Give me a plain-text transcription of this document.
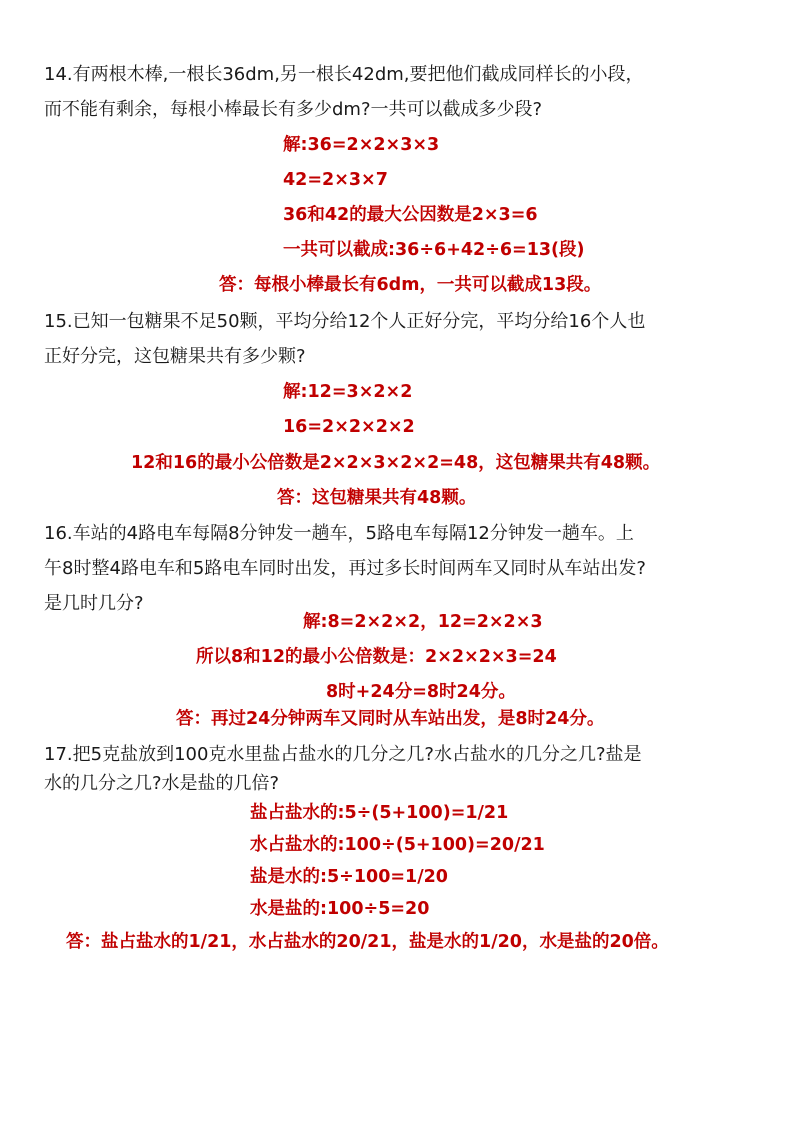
14.有两根木棒,一根长36dm,另一根长42dm,要把他们截成同样长的小段，
而不能有剩余，每根小棒最长有多少dm?一共可以截成多少段?
解:36=2×2×3×3
42=2×3×7
36和42的最大公因数是2×3=6
一共可以截成:36÷6+42÷6=13(段)
答：每根小棒最长有6dm，一共可以截成13段。
15.已知一包糖果不足50颗，平均分给12个人正好分完，平均分给16个人也
正好分完，这包糖果共有多少颗?
解:12=3×2×2
16=2×2×2×2
12和16的最小公倍数是2×2×3×2×2=48，这包糖果共有48颗。
答：这包糖果共有48颗。
16.车站的4路电车每隔8分钟发一趟车，5路电车每隔12分钟发一趟车。上
午8时整4路电车和5路电车同时出发，再过多长时间两车又同时从车站出发?
是几时几分?
解:8=2×2×2，12=2×2×3
所以8和12的最小公倍数是：2×2×2×3=24
8时+24分=8时24分。
答：再过24分钟两车又同时从车站出发，是8时24分。
17.把5克盐放到100克水里盐占盐水的几分之几?水占盐水的几分之几?盐是
水的几分之几?水是盐的几倍?
盐占盐水的:5÷(5+100)=1/21
水占盐水的:100÷(5+100)=20/21
盐是水的:5÷100=1/20
水是盐的:100÷5=20
答：盐占盐水的1/21，水占盐水的20/21，盐是水的1/20，水是盐的20倍。
